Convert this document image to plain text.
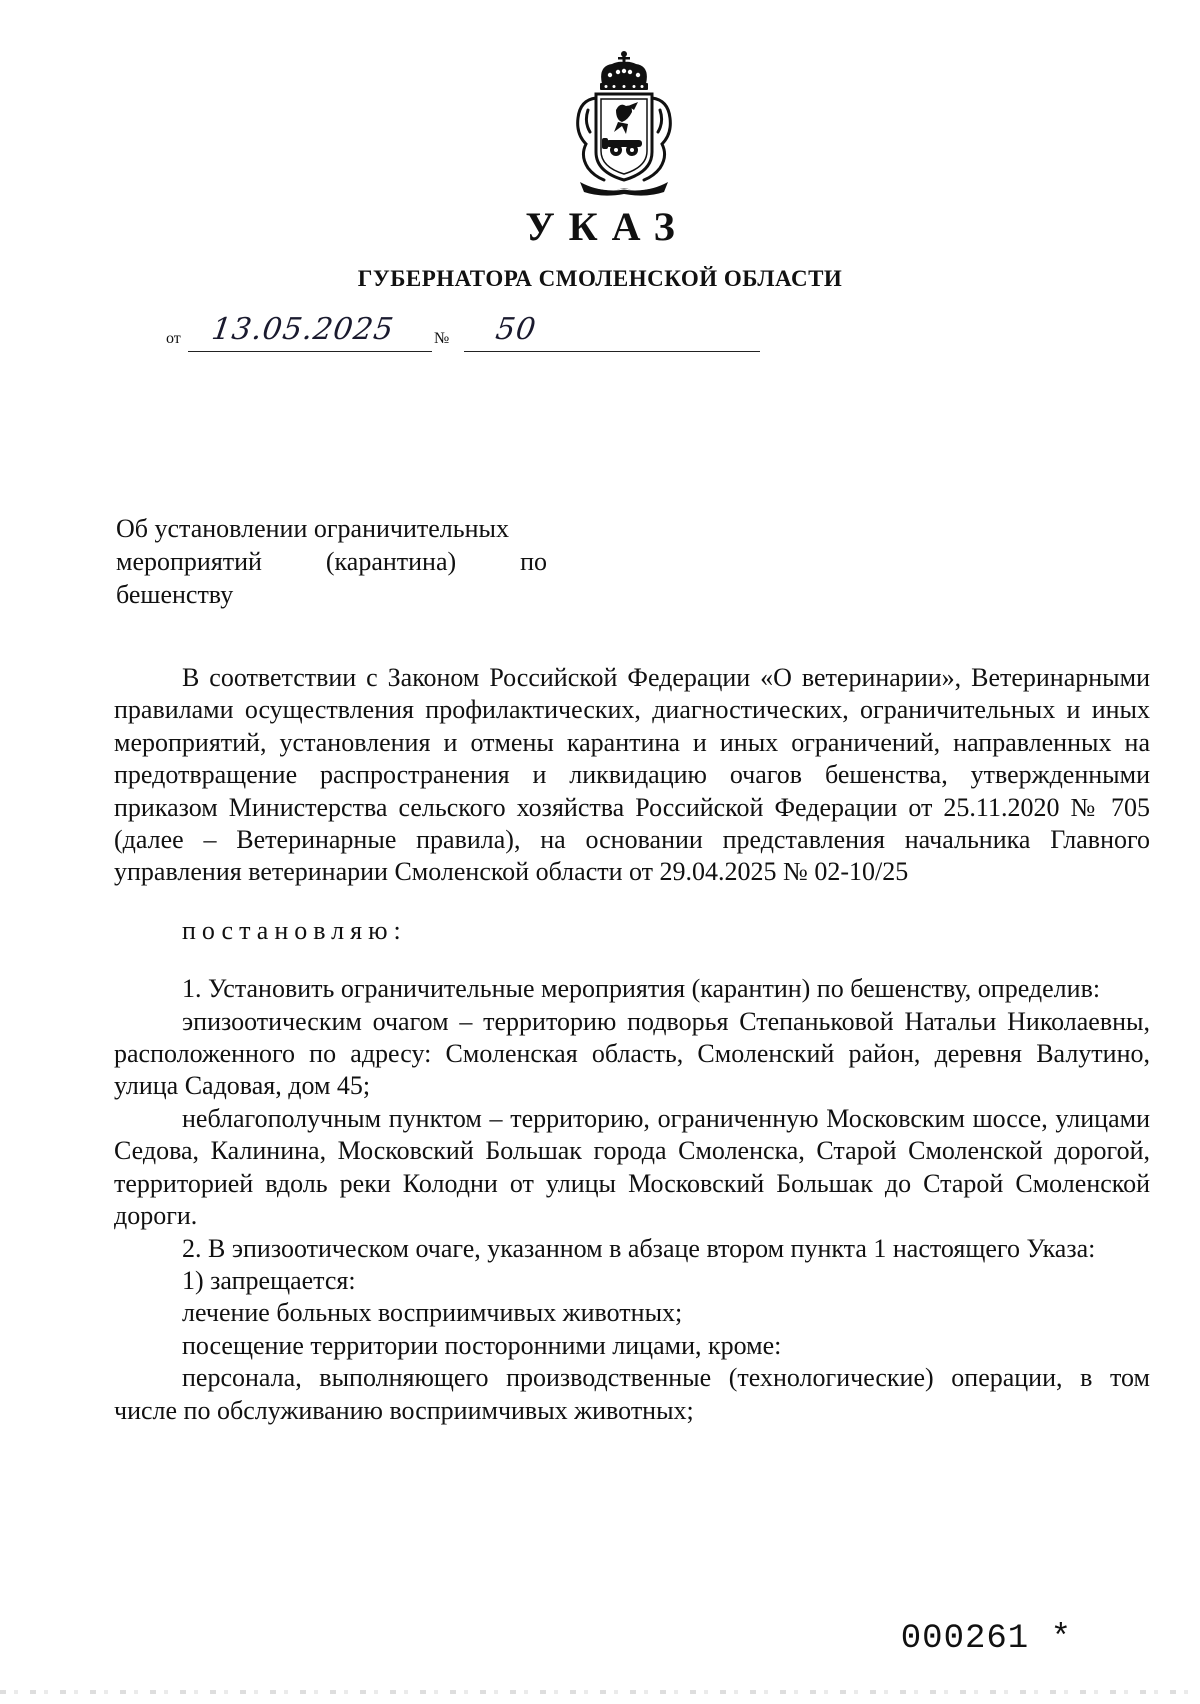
УКАЗ
ГУБЕРНАТОРА СМОЛЕНСКОЙ ОБЛАСТИ
от 13.05.2025 № 50
Об установлении ограничительных
мероприятий (карантина) по
бешенству

В соответствии с Законом Российской Федерации «О ветеринарии», Ветеринарными правилами осуществления профилактических, диагностических, ограничительных и иных мероприятий, установления и отмены карантина и иных ограничений, направленных на предотвращение распространения и ликвидацию очагов бешенства, утвержденными приказом Министерства сельского хозяйства Российской Федерации от 25.11.2020 № 705 (далее – Ветеринарные правила), на основании представления начальника Главного управления ветеринарии Смоленской области от 29.04.2025 № 02-10/25

постановляю:

1. Установить ограничительные мероприятия (карантин) по бешенству, определив:

эпизоотическим очагом – территорию подворья Степаньковой Натальи Николаевны, расположенного по адресу: Смоленская область, Смоленский район, деревня Валутино, улица Садовая, дом 45;

неблагополучным пунктом – территорию, ограниченную Московским шоссе, улицами Седова, Калинина, Московский Большак города Смоленска, Старой Смоленской дорогой, территорией вдоль реки Колодни от улицы Московский Большак до Старой Смоленской дороги.

2. В эпизоотическом очаге, указанном в абзаце втором пункта 1 настоящего Указа:

1) запрещается:

лечение больных восприимчивых животных;

посещение территории посторонними лицами, кроме:

персонала, выполняющего производственные (технологические) операции, в том числе по обслуживанию восприимчивых животных;

000261 *
